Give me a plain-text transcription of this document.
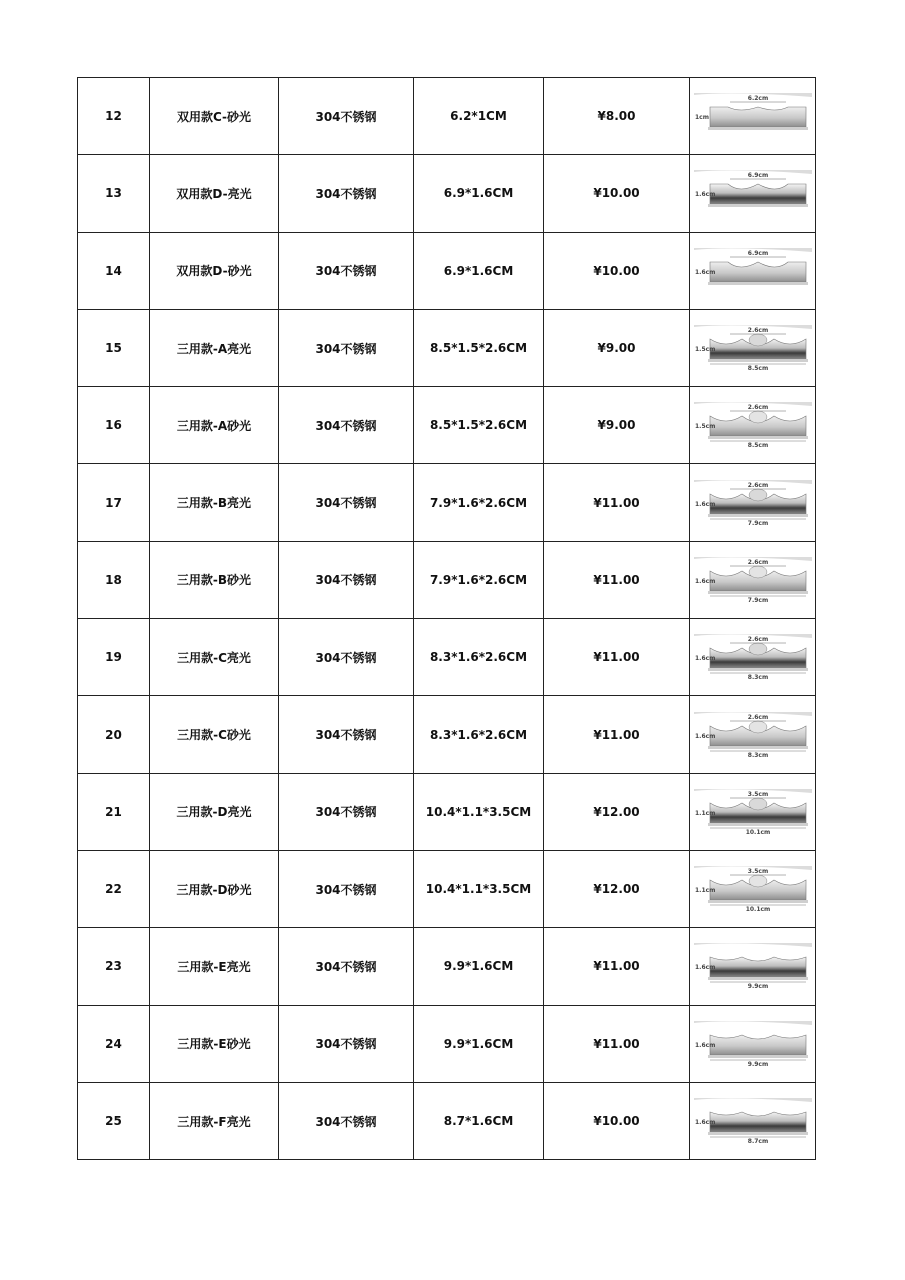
12	双用款C-砂光	304不锈钢	6.2*1CM	¥8.00	6.2cm
1cm

13	双用款D-亮光	304不锈钢	6.9*1.6CM	¥10.00	6.9cm
1.6cm

14	双用款D-砂光	304不锈钢	6.9*1.6CM	¥10.00	6.9cm
1.6cm

15	三用款-A亮光	304不锈钢	8.5*1.5*2.6CM	¥9.00	2.6cm
1.5cm
8.5cm

16	三用款-A砂光	304不锈钢	8.5*1.5*2.6CM	¥9.00	2.6cm
1.5cm
8.5cm

17	三用款-B亮光	304不锈钢	7.9*1.6*2.6CM	¥11.00	2.6cm
1.6cm
7.9cm

18	三用款-B砂光	304不锈钢	7.9*1.6*2.6CM	¥11.00	2.6cm
1.6cm
7.9cm

19	三用款-C亮光	304不锈钢	8.3*1.6*2.6CM	¥11.00	2.6cm
1.6cm
8.3cm

20	三用款-C砂光	304不锈钢	8.3*1.6*2.6CM	¥11.00	2.6cm
1.6cm
8.3cm

21	三用款-D亮光	304不锈钢	10.4*1.1*3.5CM	¥12.00	3.5cm
1.1cm
10.1cm

22	三用款-D砂光	304不锈钢	10.4*1.1*3.5CM	¥12.00	3.5cm
1.1cm
10.1cm

23	三用款-E亮光	304不锈钢	9.9*1.6CM	¥11.00	1.6cm
9.9cm

24	三用款-E砂光	304不锈钢	9.9*1.6CM	¥11.00	1.6cm
9.9cm

25	三用款-F亮光	304不锈钢	8.7*1.6CM	¥10.00	1.6cm
8.7cm
